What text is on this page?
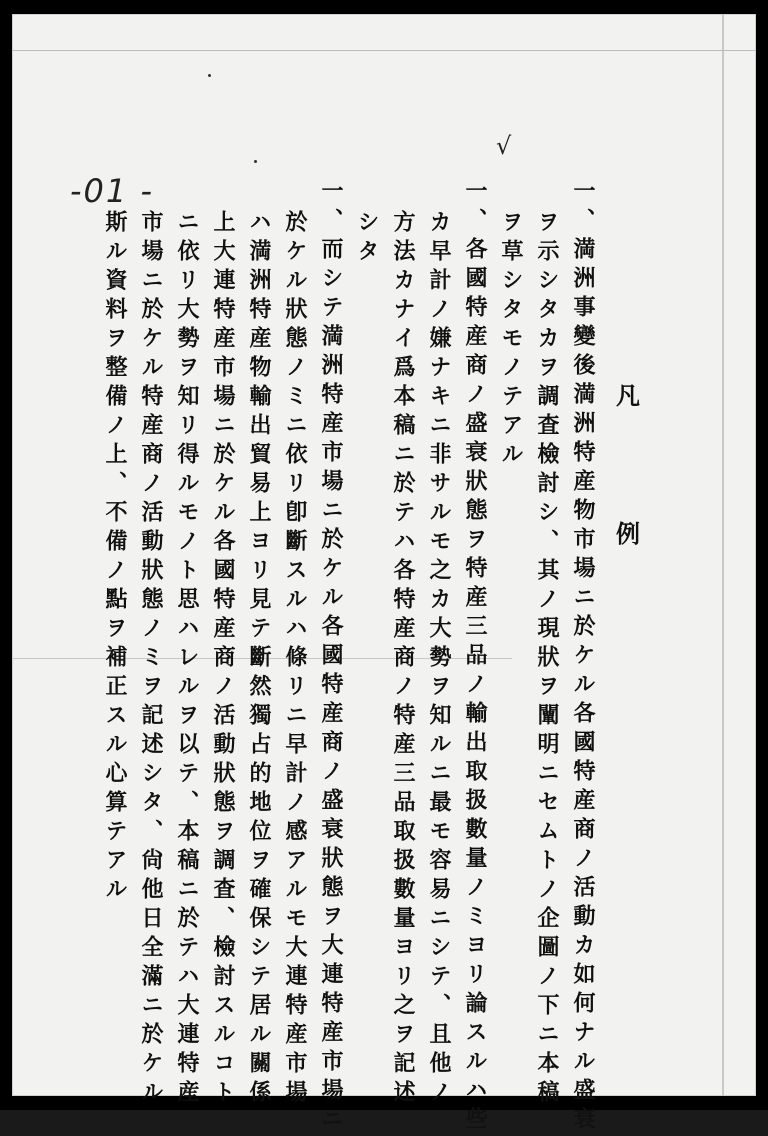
凡
例
-01 -
√
一、満洲事變後満洲特産物市場ニ於ケル各國特産商ノ活動カ如何ナル盛衰
ヲ示シタカヲ調査檢討シ、其ノ現狀ヲ闡明ニセムトノ企圖ノ下ニ本稿
ヲ草シタモノテアル
一、各國特産商ノ盛衰狀態ヲ特産三品ノ輸出取扱數量ノミヨリ論スルハ些
カ早計ノ嫌ナキニ非サルモ之カ大勢ヲ知ルニ最モ容易ニシテ、且他ノ
方法カナイ爲本稿ニ於テハ各特産商ノ特産三品取扱數量ヨリ之ヲ記述
シタ
一、而シテ満洲特産市場ニ於ケル各國特産商ノ盛衰狀態ヲ大連特産市場ニ
於ケル狀態ノミニ依リ卽斷スルハ條リニ早計ノ感アルモ大連特産市場
ハ満洲特産物輸出貿易上ヨリ見テ斷然獨占的地位ヲ確保シテ居ル關係
上大連特産市場ニ於ケル各國特産商ノ活動狀態ヲ調査、檢討スルコト
ニ依リ大勢ヲ知リ得ルモノト思ハレルヲ以テ、本稿ニ於テハ大連特産
市場ニ於ケル特産商ノ活動狀態ノミヲ記述シタ、尙他日全滿ニ於ケル
斯ル資料ヲ整備ノ上、不備ノ點ヲ補正スル心算テアル
